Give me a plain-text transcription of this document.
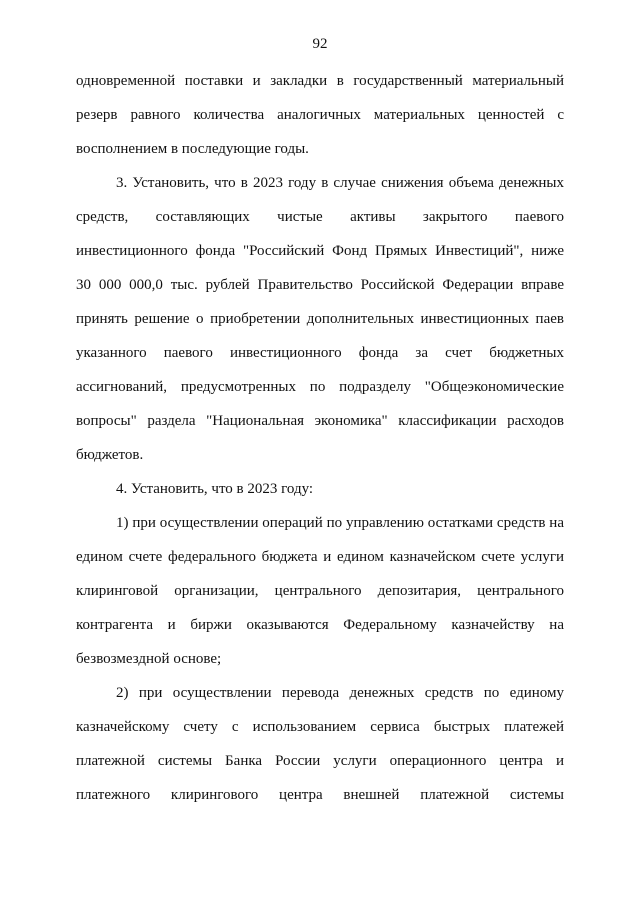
92
одновременной поставки и закладки в государственный материальный
резерв равного количества аналогичных материальных ценностей с
восполнением в последующие годы.
3. Установить, что в 2023 году в случае снижения объема денежных
средств, составляющих чистые активы закрытого паевого
инвестиционного фонда "Российский Фонд Прямых Инвестиций", ниже
30 000 000,0 тыс. рублей Правительство Российской Федерации вправе
принять решение о приобретении дополнительных инвестиционных паев
указанного паевого инвестиционного фонда за счет бюджетных
ассигнований, предусмотренных по подразделу "Общеэкономические
вопросы" раздела "Национальная экономика" классификации расходов
бюджетов.
4. Установить, что в 2023 году:
1) при осуществлении операций по управлению остатками средств на
едином счете федерального бюджета и едином казначейском счете услуги
клиринговой организации, центрального депозитария, центрального
контрагента и биржи оказываются Федеральному казначейству на
безвозмездной основе;
2) при осуществлении перевода денежных средств по единому
казначейскому счету с использованием сервиса быстрых платежей
платежной системы Банка России услуги операционного центра и
платежного клирингового центра внешней платежной системы
